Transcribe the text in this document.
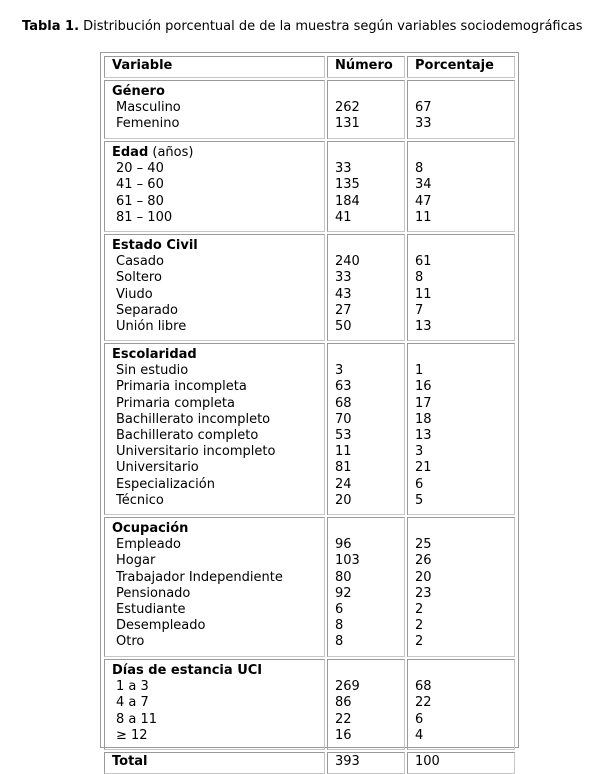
Tabla 1. Distribución porcentual de de la muestra según variables sociodemográficas
Variable	Número Porcentaje
Género
Masculino	262	67
Femenino	131	33
Edad (años)
20 – 40	33	8
41 – 60	135	34
61 – 80	184	47
81 – 100	41	11
Estado Civil
Casado	240	61
Soltero	33	8
Viudo	43	11
Separado	27	7
Unión libre	50	13
Escolaridad
Sin estudio	3	1
Primaria incompleta	63	16
Primaria completa	68	17
Bachillerato incompleto	70	18
Bachillerato completo	53	13
Universitario incompleto	11	3
Universitario	81	21
Especialización	24	6
Técnico	20	5
Ocupación
Empleado	96	25
Hogar	103	26
Trabajador Independiente	80	20
Pensionado	92	23
Estudiante	6	2
Desempleado	8	2
Otro	8	2
Días de estancia UCI
1 a 3	269	68
4 a 7	86	22
8 a 11	22	6
≥ 12	16	4
Total	393	100
